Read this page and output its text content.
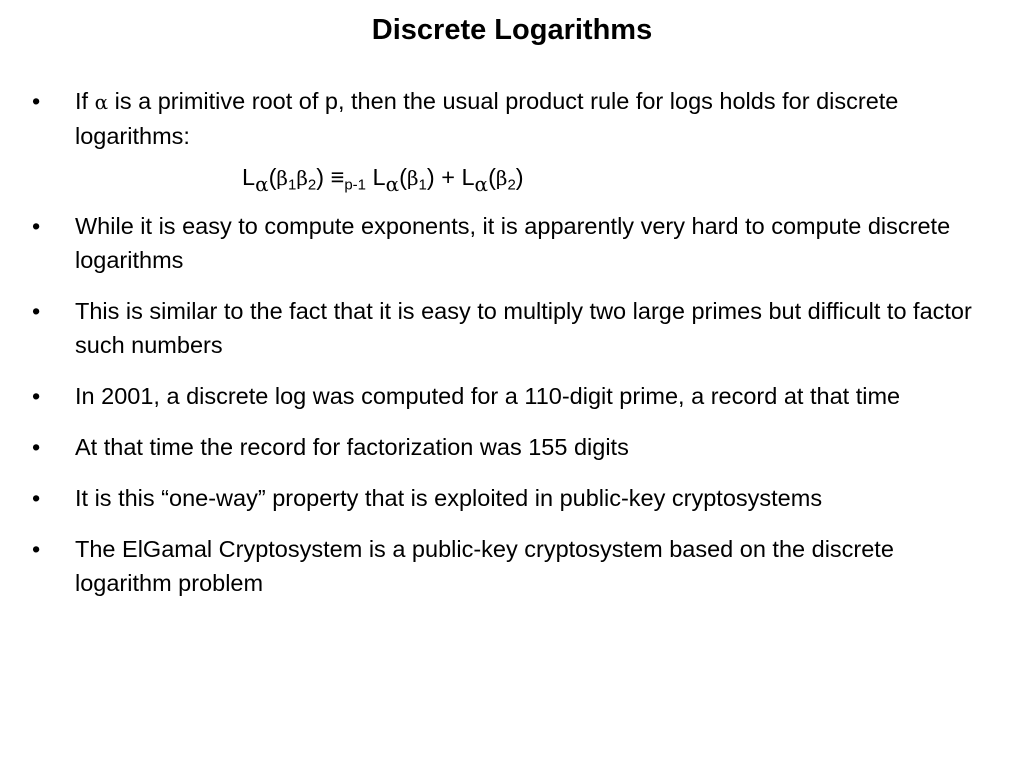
Discrete Logarithms
•	If α is a primitive root of p, then the usual product rule for logs holds for discrete logarithms:
$L_\alpha(\beta_1\beta_2) \equiv_{p-1}$ $L_\alpha(\beta_1) + L_\alpha(\beta_2)$
•	While it is easy to compute exponents, it is apparently very hard to compute discrete logarithms
•	This is similar to the fact that it is easy to multiply two large primes but difficult to factor such numbers
•	In 2001, a discrete log was computed for a 110-digit prime, a record at that time
•	At that time the record for factorization was 155 digits
•	It is this “one-way” property that is exploited in public-key cryptosystems
•	The ElGamal Cryptosystem is a public-key cryptosystem based on the discrete logarithm problem
